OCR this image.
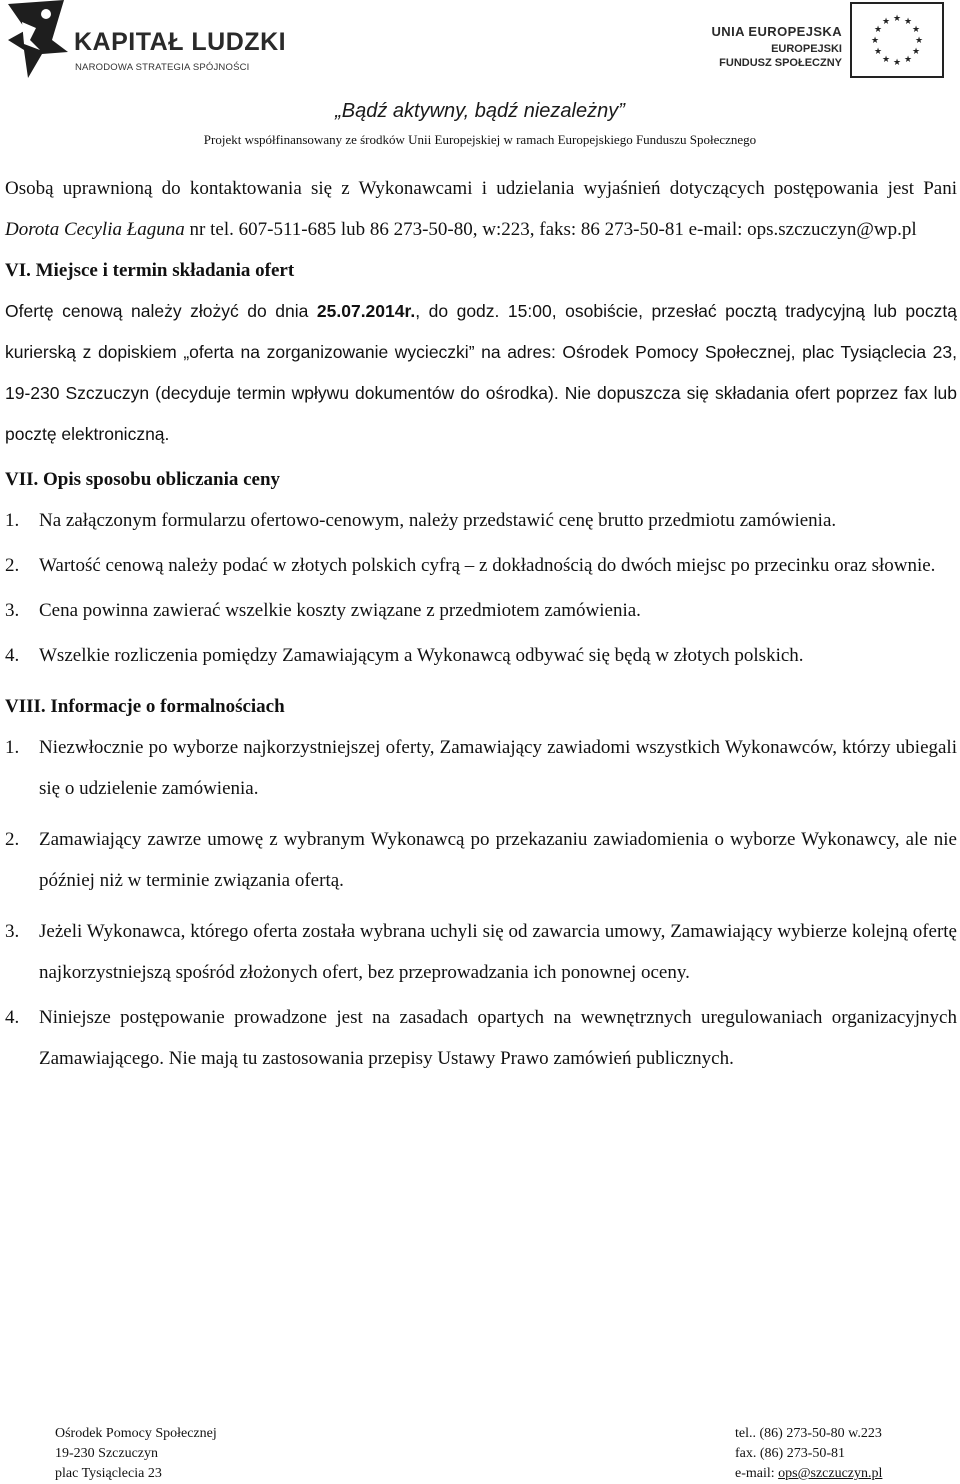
KAPITAŁ LUDZKI
NARODOWA STRATEGIA SPÓJNOŚCI
UNIA EUROPEJSKA
EUROPEJSKI
FUNDUSZ SPOŁECZNY
★ ★
★
★
★
★
★
★
★
★
★
★
„Bądź aktywny, bądź niezależny”
Projekt współfinansowany ze środków Unii Europejskiej w ramach Europejskiego Funduszu Społecznego

Osobą uprawnioną do kontaktowania się z Wykonawcami i udzielania wyjaśnień dotyczących postępowania jest Pani Dorota Cecylia Łaguna nr tel. 607-511-685 lub 86 273-50-80, w:223, faks: 86 273-50-81 e-mail: ops.szczuczyn@wp.pl

VI. Miejsce i termin składania ofert

Ofertę cenową należy złożyć do dnia 25.07.2014r., do godz. 15:00, osobiście, przesłać pocztą tradycyjną lub pocztą kurierską z dopiskiem „oferta na zorganizowanie wycieczki” na adres: Ośrodek Pomocy Społecznej, plac Tysiąclecia 23, 19-230 Szczuczyn (decyduje termin wpływu dokumentów do ośrodka). Nie dopuszcza się składania ofert poprzez fax lub pocztę elektroniczną.

VII. Opis sposobu obliczania ceny

1.	Na załączonym formularzu ofertowo-cenowym, należy przedstawić cenę brutto przedmiotu zamówienia.
2.	Wartość cenową należy podać w złotych polskich cyfrą – z dokładnością do dwóch miejsc po przecinku oraz słownie.
3.	Cena powinna zawierać wszelkie koszty związane z przedmiotem zamówienia.
4.	Wszelkie rozliczenia pomiędzy Zamawiającym a Wykonawcą odbywać się będą w złotych polskich.

VIII. Informacje o formalnościach

1.	Niezwłocznie po wyborze najkorzystniejszej oferty, Zamawiający zawiadomi wszystkich Wykonawców, którzy ubiegali się o udzielenie zamówienia.
2.	Zamawiający zawrze umowę z wybranym Wykonawcą po przekazaniu zawiadomienia o wyborze Wykonawcy, ale nie później niż w terminie związania ofertą.
3.	Jeżeli Wykonawca, którego oferta została wybrana uchyli się od zawarcia umowy, Zamawiający wybierze kolejną ofertę najkorzystniejszą spośród złożonych ofert, bez przeprowadzania ich ponownej oceny.
4.	Niniejsze postępowanie prowadzone jest na zasadach opartych na wewnętrznych uregulowaniach organizacyjnych Zamawiającego. Nie mają tu zastosowania przepisy Ustawy Prawo zamówień publicznych.
Ośrodek Pomocy Społecznej
19-230 Szczuczyn
plac Tysiąclecia 23
tel.. (86) 273-50-80 w.223
fax. (86) 273-50-81
e-mail: ops@szczuczyn.pl
